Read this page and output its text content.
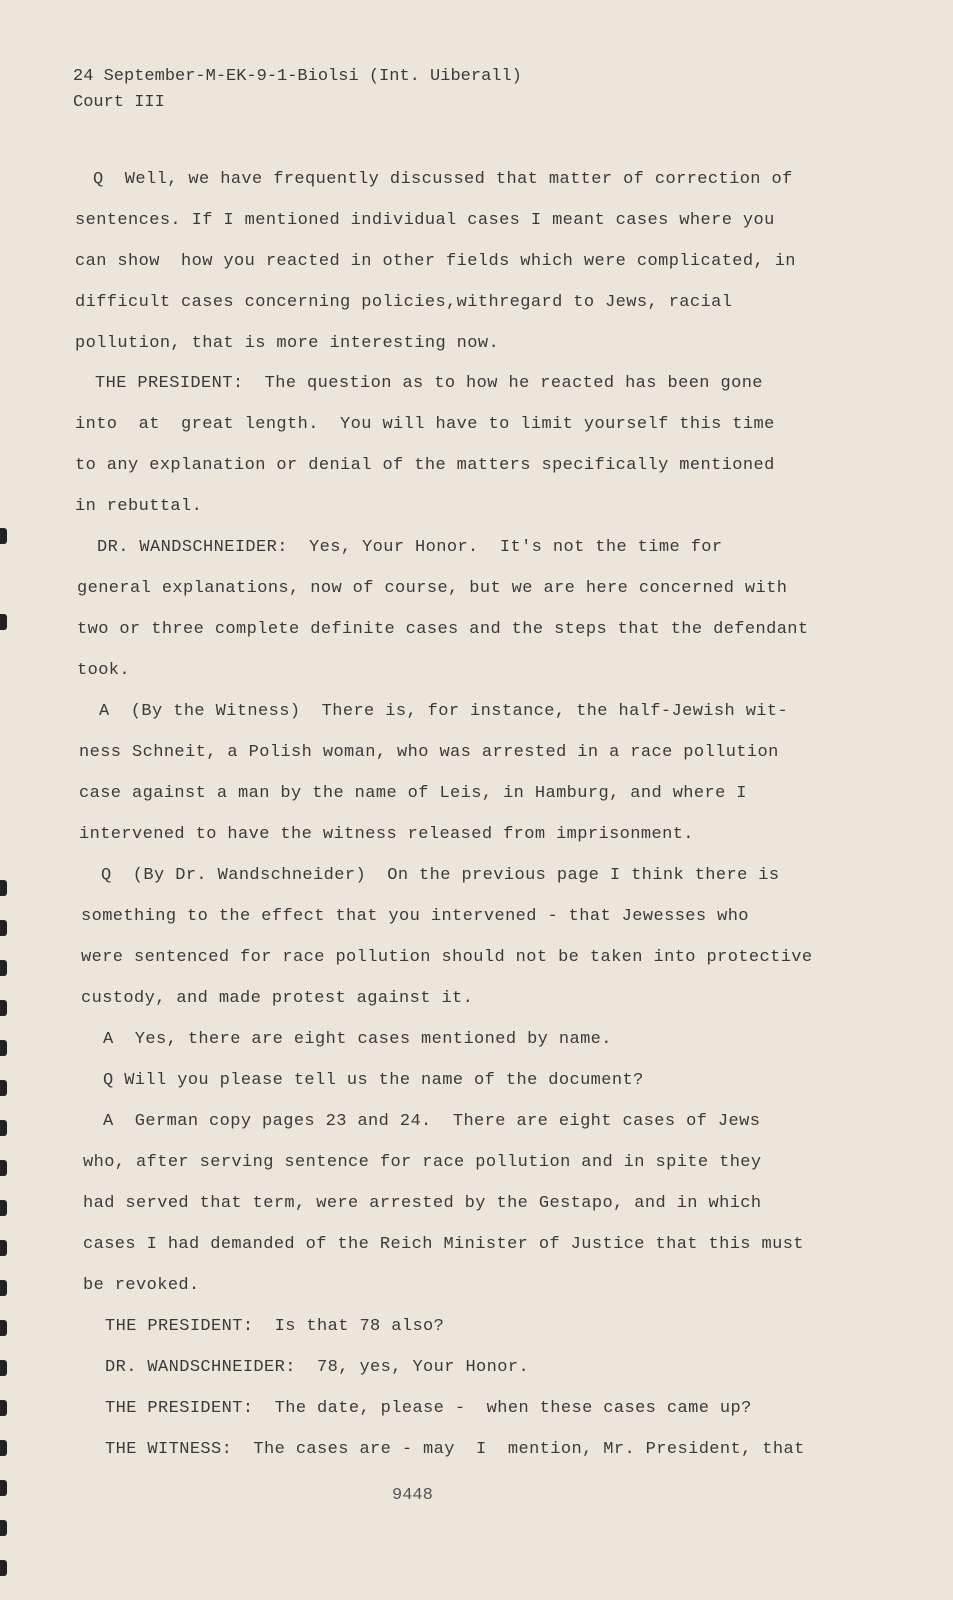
24 September-M-EK-9-1-Biolsi (Int. Uiberall)
Court III
Q  Well, we have frequently discussed that matter of correction of
sentences. If I mentioned individual cases I meant cases where you
can show  how you reacted in other fields which were complicated, in
difficult cases concerning policies,withregard to Jews, racial
pollution, that is more interesting now.
THE PRESIDENT:  The question as to how he reacted has been gone
into  at  great length.  You will have to limit yourself this time
to any explanation or denial of the matters specifically mentioned
in rebuttal.
DR. WANDSCHNEIDER:  Yes, Your Honor.  It's not the time for
general explanations, now of course, but we are here concerned with
two or three complete definite cases and the steps that the defendant
took.
A  (By the Witness)  There is, for instance, the half-Jewish wit-
ness Schneit, a Polish woman, who was arrested in a race pollution
case against a man by the name of Leis, in Hamburg, and where I
intervened to have the witness released from imprisonment.
Q  (By Dr. Wandschneider)  On the previous page I think there is
something to the effect that you intervened - that Jewesses who
were sentenced for race pollution should not be taken into protective
custody, and made protest against it.
A  Yes, there are eight cases mentioned by name.
Q Will you please tell us the name of the document?
A  German copy pages 23 and 24.  There are eight cases of Jews
who, after serving sentence for race pollution and in spite they
had served that term, were arrested by the Gestapo, and in which
cases I had demanded of the Reich Minister of Justice that this must
be revoked.
THE PRESIDENT:  Is that 78 also?
DR. WANDSCHNEIDER:  78, yes, Your Honor.
THE PRESIDENT:  The date, please -  when these cases came up?
THE WITNESS:  The cases are - may  I  mention, Mr. President, that
9448
